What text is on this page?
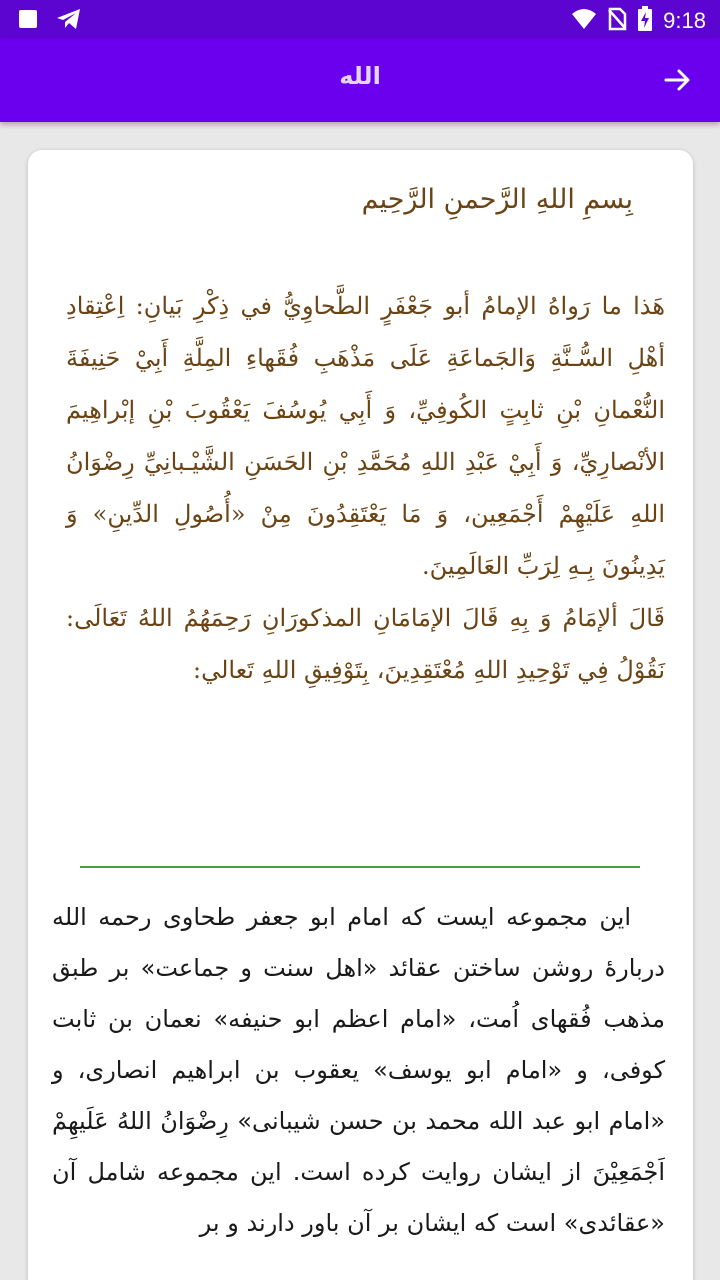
9:18
الله
بِسمِ اللهِ الرَّحمنِ الرَّحِيم

هَذا ما رَواهُ الإمامُ أبو جَعْفَرٍ الطَّحاوِيُّ في ذِكْرِ بَيانِ: اِعْتِقادِ أهْلِ السُّـنَّةِ وَالجَماعَةِ عَلَى مَذْهَبِ فُقَهاءِ المِلَّةِ أَبِيْ حَنِيفَةَ النُّعْمانِ بْنِ ثابِتٍ الكُوفِيِّ، وَ أَبِي يُوسُفَ يَعْقُوبَ بْنِ إبْراهِيمَ الأنْصارِيِّ، وَ أَبِيْ عَبْدِ اللهِ مُحَمَّدِ بْنِ الحَسَنِ الشَّيْـبانِيِّ رِضْوَانُ اللهِ عَلَيْهِمْ أَجْمَعِين، وَ مَا يَعْتَقِدُونَ مِنْ «أُصُولِ الدِّينِ» وَ يَدِينُونَ بِـهِ لِرَبِّ العَالَمِينَ.

قَالَ ألإمَامُ وَ بِهِ قَالَ الإمَامَانِ المذكورَانِ رَحِمَهُمُ اللهُ تَعَالَى: نَقُوْلُ فِي تَوْحِيدِ اللهِ مُعْتَقِدِينَ، بِتَوْفِيقِ اللهِ تَعالي:

این مجموعه ایست که امام ابو جعفر طحاوی رحمه الله دربارهٔ روشن ساختن عقائد «اهل سنت و جماعت» بر طبق مذهب فُقهای اُمت، «امام اعظم ابو حنیفه» نعمان بن ثابت کوفی، و «امام ابو یوسف» یعقوب بن ابراهیم انصاری، و «امام ابو عبد الله محمد بن حسن شیبانی» رِضْوَانُ اللهُ عَلَیهِمْ اَجْمَعِیْنَ از ایشان روایت کرده است. این مجموعه شامل آن «عقائدی» است که ایشان بر آن باور دارند و بر
